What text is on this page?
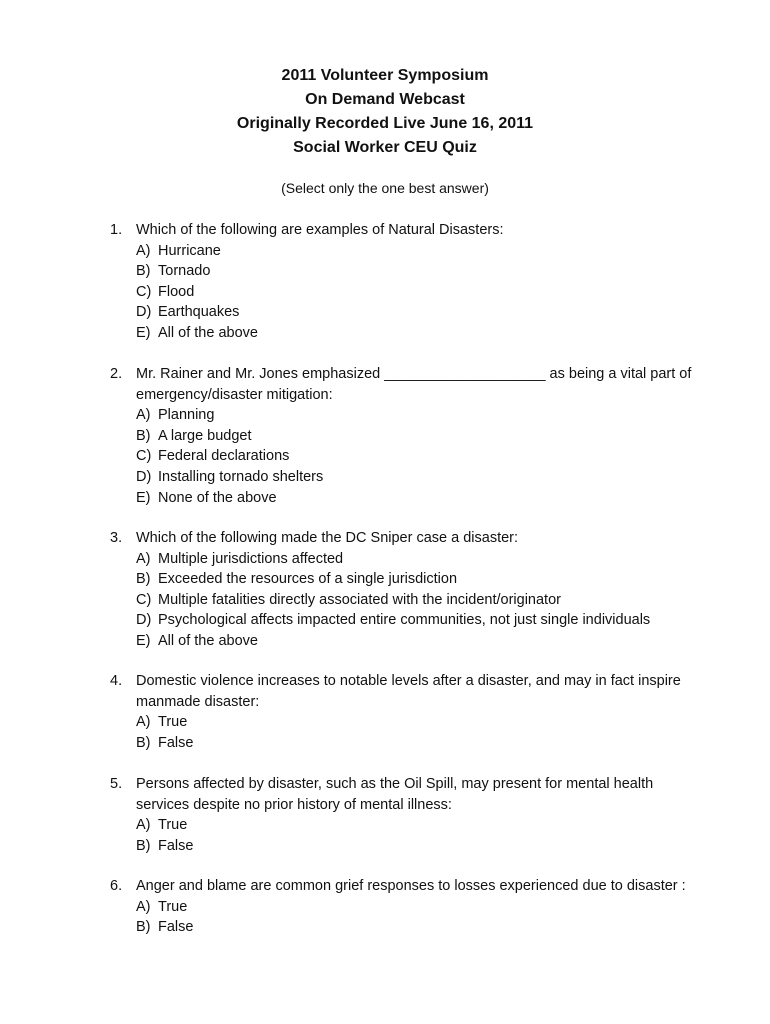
2011 Volunteer Symposium
On Demand Webcast
Originally Recorded Live June 16, 2011
Social Worker CEU Quiz
(Select only the one best answer)
1. Which of the following are examples of Natural Disasters:
A) Hurricane
B) Tornado
C) Flood
D) Earthquakes
E) All of the above
2. Mr. Rainer and Mr. Jones emphasized ____________________ as being a vital part of emergency/disaster mitigation:
A) Planning
B) A large budget
C) Federal declarations
D) Installing tornado shelters
E) None of the above
3. Which of the following made the DC Sniper case a disaster:
A) Multiple jurisdictions affected
B) Exceeded the resources of a single jurisdiction
C) Multiple fatalities directly associated with the incident/originator
D) Psychological affects impacted entire communities, not just single individuals
E) All of the above
4. Domestic violence increases to notable levels after a disaster, and may in fact inspire manmade disaster:
A) True
B) False
5. Persons affected by disaster, such as the Oil Spill, may present for mental health services despite no prior history of mental illness:
A) True
B) False
6. Anger and blame are common grief responses to losses experienced due to disaster :
A) True
B) False
